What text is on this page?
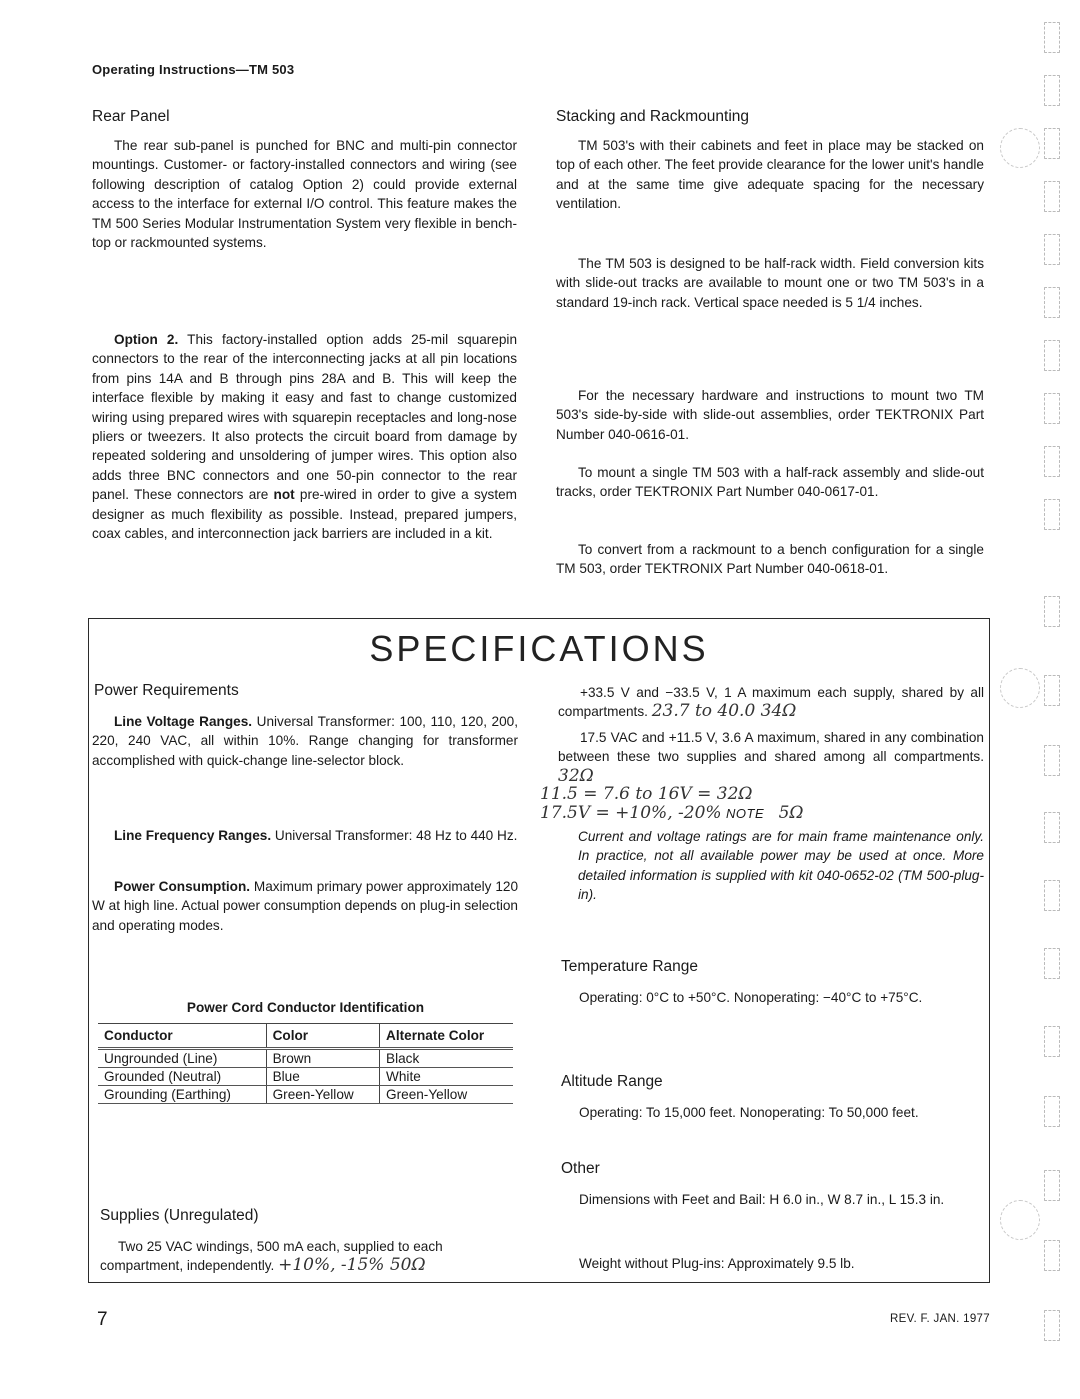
Operating Instructions—TM 503
Rear Panel

The rear sub-panel is punched for BNC and multi-pin connector mountings. Customer- or factory-installed connectors and wiring (see following description of catalog Option 2) could provide external access to the interface for external I/O control. This feature makes the TM 500 Series Modular Instrumentation System very flexible in bench-top or rackmounted systems.

Option 2. This factory-installed option adds 25-mil squarepin connectors to the rear of the interconnecting jacks at all pin locations from pins 14A and B through pins 28A and B. This will keep the interface flexible by making it easy and fast to change customized wiring using prepared wires with squarepin receptacles and long-nose pliers or tweezers. It also protects the circuit board from damage by repeated soldering and unsoldering of jumper wires. This option also adds three BNC connectors and one 50-pin connector to the rear panel. These connectors are not pre-wired in order to give a system designer as much flexibility as possible. Instead, prepared jumpers, coax cables, and interconnection jack barriers are included in a kit.

Stacking and Rackmounting

TM 503's with their cabinets and feet in place may be stacked on top of each other. The feet provide clearance for the lower unit's handle and at the same time give adequate spacing for the necessary ventilation.

The TM 503 is designed to be half-rack width. Field conversion kits with slide-out tracks are available to mount one or two TM 503's in a standard 19-inch rack. Vertical space needed is 5 1/4 inches.

For the necessary hardware and instructions to mount two TM 503's side-by-side with slide-out assemblies, order TEKTRONIX Part Number 040-0616-01.

To mount a single TM 503 with a half-rack assembly and slide-out tracks, order TEKTRONIX Part Number 040-0617-01.

To convert from a rackmount to a bench configuration for a single TM 503, order TEKTRONIX Part Number 040-0618-01.

SPECIFICATIONS
Power Requirements

Line Voltage Ranges. Universal Transformer: 100, 110, 120, 200, 220, 240 VAC, all within 10%. Range changing for transformer accomplished with quick-change line-selector block.

Line Frequency Ranges. Universal Transformer: 48 Hz to 440 Hz.

Power Consumption. Maximum primary power approximately 120 W at high line. Actual power consumption depends on plug-in selection and operating modes.

Power Cord Conductor Identification
Conductor	Color	Alternate Color
Ungrounded (Line)	Brown	Black
Grounded (Neutral)	Blue	White
Grounding (Earthing)	Green-Yellow	Green-Yellow
Supplies (Unregulated)

Two 25 VAC windings, 500 mA each, supplied to each compartment, independently. +10%, -15% 50Ω

+33.5 V and −33.5 V, 1 A maximum each supply, shared by all compartments. 23.7 to 40.0 34Ω

17.5 VAC and +11.5 V, 3.6 A maximum, shared in any combination between these two supplies and shared among all compartments. 32Ω

11.5 = 7.6 to 16V = 32Ω
17.5V = +10%, -20% NOTE 5Ω

Current and voltage ratings are for main frame maintenance only. In practice, not all available power may be used at once. More detailed information is supplied with kit 040-0652-02 (TM 500-plug-in).

Temperature Range

Operating: 0°C to +50°C. Nonoperating: −40°C to +75°C.

Altitude Range

Operating: To 15,000 feet. Nonoperating: To 50,000 feet.

Other

Dimensions with Feet and Bail: H 6.0 in., W 8.7 in., L 15.3 in.

Weight without Plug-ins: Approximately 9.5 lb.

7	REV. F. JAN. 1977
